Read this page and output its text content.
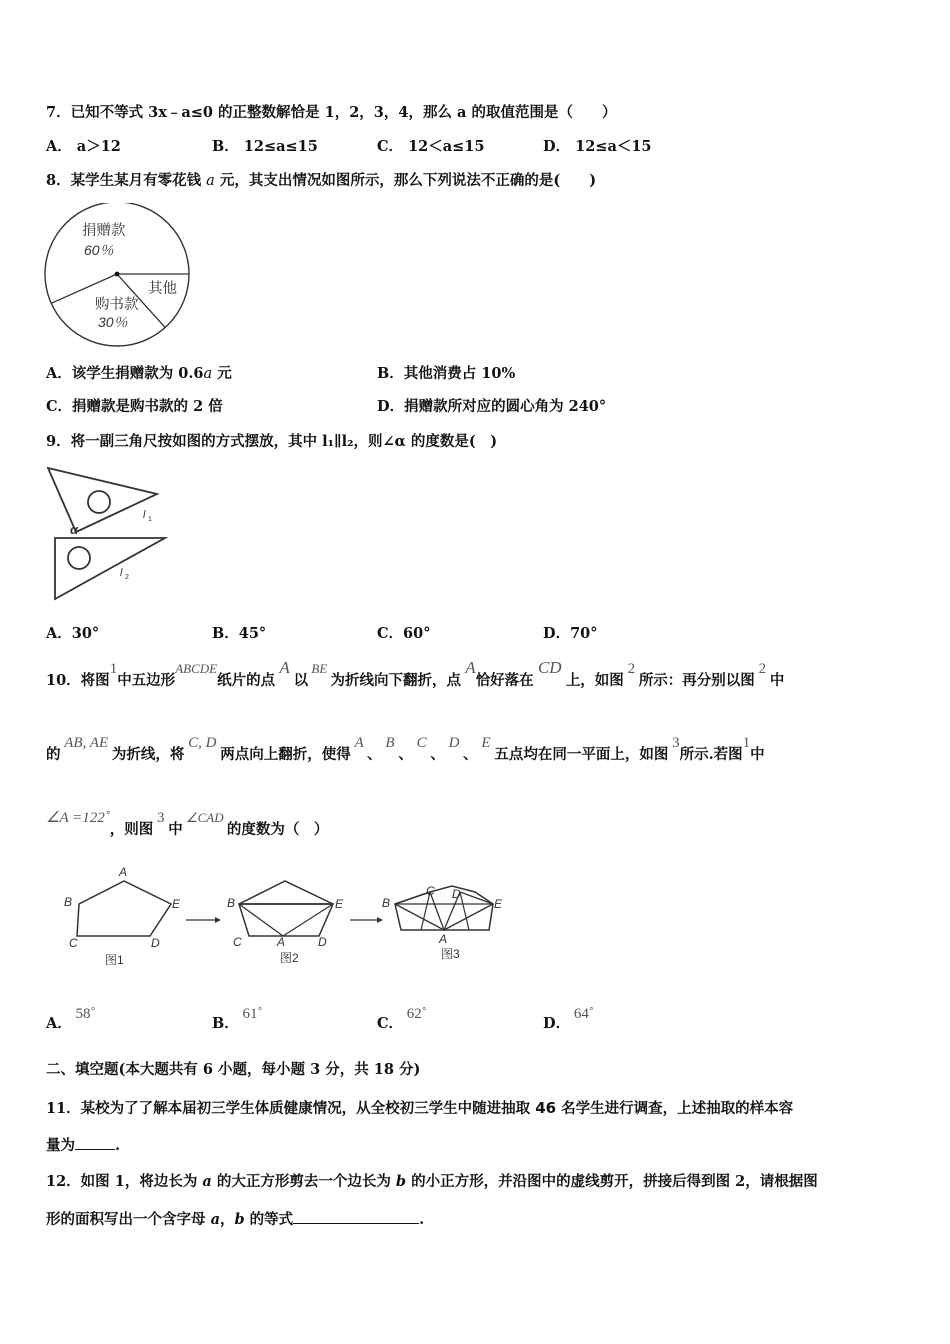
7．已知不等式 3x﹣a≤0 的正整数解恰是 1，2，3，4，那么 a 的取值范围是（　　）
A． a＞12	B． 12≤a≤15	C． 12＜a≤15	D． 12≤a＜15
8．某学生某月有零花钱 a 元，其支出情况如图所示，那么下列说法不正确的是(　　)
捐赠款
60％
购书款
30％
其他
A．该学生捐赠款为 0.6a 元	B．其他消费占 10%
C．捐赠款是购书款的 2 倍	D．捐赠款所对应的圆心角为 240°
9．将一副三角尺按如图的方式摆放，其中 l₁∥l₂，则∠α 的度数是(　)
α
l 1
l 2
A．30°	B．45°	C．60°	D．70°
10．将图1中五边形ABCDE纸片的点 A 以 BE 为折线向下翻折，点 A恰好落在 CD 上，如图 2 所示：再分别以图 2 中
的 AB, AE 为折线，将 C, D 两点向上翻折，使得 A 、 B 、 C 、 D 、 E 五点均在同一平面上，如图 3所示.若图1中
∠A =122˚，则图 3 中 ∠CAD 的度数为（　）
A
B
C	D
E
图1
B	E
C	A	D
图2
B	E
C D
A
图3
A． 58˚
B． 61˚
C． 62˚
D． 64˚
二、填空题(本大题共有 6 小题，每小题 3 分，共 18 分)
11．某校为了了解本届初三学生体质健康情况，从全校初三学生中随进抽取 46 名学生进行调查，上述抽取的样本容
量为	.
12．如图 1，将边长为 a 的大正方形剪去一个边长为 b 的小正方形，并沿图中的虚线剪开，拼接后得到图 2，请根据图
形的面积写出一个含字母 a，b 的等式	.
